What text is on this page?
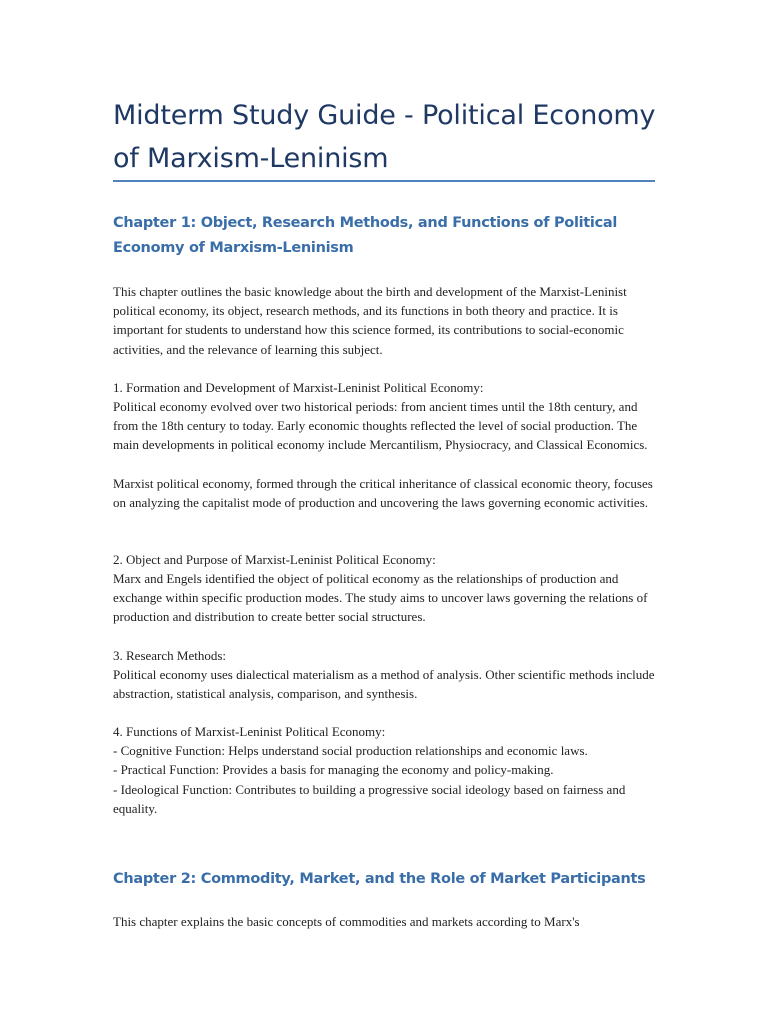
Midterm Study Guide - Political Economy of Marxism-Leninism
Chapter 1: Object, Research Methods, and Functions of Political Economy of Marxism-Leninism

This chapter outlines the basic knowledge about the birth and development of the Marxist-Leninist political economy, its object, research methods, and its functions in both theory and practice. It is important for students to understand how this science formed, its contributions to social-economic activities, and the relevance of learning this subject.

1. Formation and Development of Marxist-Leninist Political Economy:

Political economy evolved over two historical periods: from ancient times until the 18th century, and from the 18th century to today. Early economic thoughts reflected the level of social production. The main developments in political economy include Mercantilism, Physiocracy, and Classical Economics.

Marxist political economy, formed through the critical inheritance of classical economic theory, focuses on analyzing the capitalist mode of production and uncovering the laws governing economic activities.

2. Object and Purpose of Marxist-Leninist Political Economy:

Marx and Engels identified the object of political economy as the relationships of production and exchange within specific production modes. The study aims to uncover laws governing the relations of production and distribution to create better social structures.

3. Research Methods:

Political economy uses dialectical materialism as a method of analysis. Other scientific methods include abstraction, statistical analysis, comparison, and synthesis.

4. Functions of Marxist-Leninist Political Economy:

- Cognitive Function: Helps understand social production relationships and economic laws.

- Practical Function: Provides a basis for managing the economy and policy-making.

- Ideological Function: Contributes to building a progressive social ideology based on fairness and equality.

Chapter 2: Commodity, Market, and the Role of Market Participants

This chapter explains the basic concepts of commodities and markets according to Marx's
